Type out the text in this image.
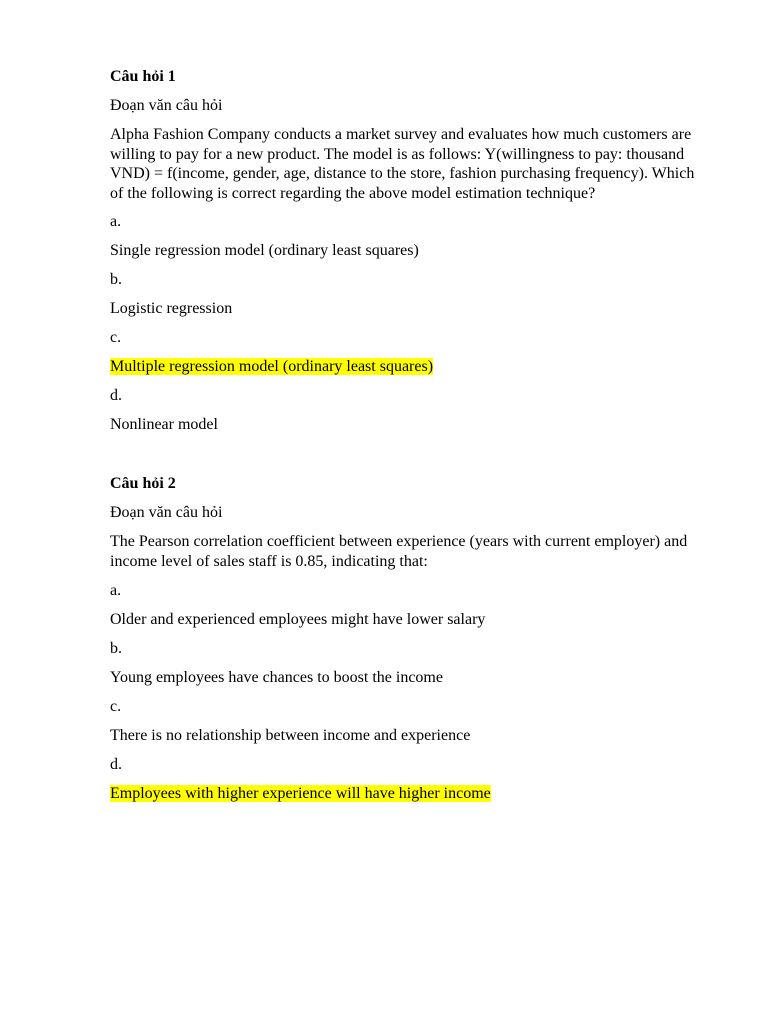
Câu hỏi 1

Đoạn văn câu hỏi

Alpha Fashion Company conducts a market survey and evaluates how much customers are willing to pay for a new product. The model is as follows: Y(willingness to pay: thousand VND) = f(income, gender, age, distance to the store, fashion purchasing frequency). Which of the following is correct regarding the above model estimation technique?

a.

Single regression model (ordinary least squares)

b.

Logistic regression

c.

Multiple regression model (ordinary least squares)

d.

Nonlinear model

Câu hỏi 2

Đoạn văn câu hỏi

The Pearson correlation coefficient between experience (years with current employer) and income level of sales staff is 0.85, indicating that:

a.

Older and experienced employees might have lower salary

b.

Young employees have chances to boost the income

c.

There is no relationship between income and experience

d.

Employees with higher experience will have higher income
